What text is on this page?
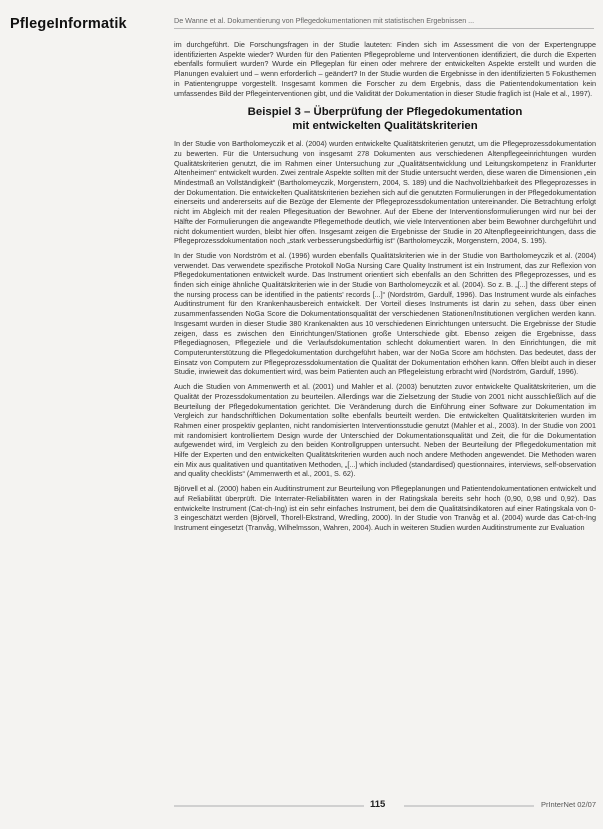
PflegeInformatik	De Wanne et al. Dokumentierung von Pflegedokumentationen mit statistischen Ergebnissen ...

im durchgeführt. Die Forschungsfragen in der Studie lauteten: Finden sich im Assessment die von der Expertengruppe identifizierten Aspekte wieder? Wurden für den Patienten Pflegeprobleme und Interventionen identifiziert, die durch die Experten ebenfalls formuliert wurden? Wurde ein Pflegeplan für einen oder mehrere der entwickelten Aspekte erstellt und wurden die Planungen evaluiert und – wenn erforderlich – geändert? In der Studie wurden die Ergebnisse in den identifizierten 5 Fokusthemen in Patientengruppe vorgestellt. Insgesamt kommen die Forscher zu dem Ergebnis, dass die Patientendokumentation kein umfassendes Bild der Pflegeinterventionen gibt, und die Validität der Dokumentation in dieser Studie fraglich ist (Hale et al., 1997).

Beispiel 3 – Überprüfung der Pflegedokumentation
mit entwickelten Qualitätskriterien

In der Studie von Bartholomeyczik et al. (2004) wurden entwickelte Qualitätskriterien genutzt, um die Pflegeprozessdokumentation zu bewerten. Für die Untersuchung von insgesamt 278 Dokumenten aus verschiedenen Altenpflegeeinrichtungen wurden Qualitätskriterien genutzt, die im Rahmen einer Untersuchung zur „Qualitätsentwicklung und Leitungskompetenz in Frankfurter Altenheimen“ entwickelt wurden. Zwei zentrale Aspekte sollten mit der Studie untersucht werden, diese waren die Dimensionen „ein Mindestmaß an Vollständigkeit“ (Bartholomeyczik, Morgenstern, 2004, S. 189) und die Nachvollziehbarkeit des Pflegeprozesses in der Dokumentation. Die entwickelten Qualitätskriterien beziehen sich auf die genutzten Formulierungen in der Pflegedokumentation einerseits und andererseits auf die Bezüge der Elemente der Pflegeprozessdokumentation untereinander. Die Betrachtung erfolgt nicht im Abgleich mit der realen Pflegesituation der Bewohner. Auf der Ebene der Interventionsformulierungen wird nur bei der Hälfte der Formulierungen die angewandte Pflegemethode deutlich, wie viele Interventionen aber beim Bewohner durchgeführt und nicht dokumentiert wurden, bleibt hier offen. Insgesamt zeigen die Ergebnisse der Studie in 20 Altenpflegeeinrichtungen, dass die Pflegeprozessdokumentation noch „stark verbesserungsbedürftig ist“ (Bartholomeyczik, Morgenstern, 2004, S. 195).

In der Studie von Nordström et al. (1996) wurden ebenfalls Qualitätskriterien wie in der Studie von Bartholomeyczik et al. (2004) verwendet. Das verwendete spezifische Protokoll NoGa Nursing Care Quality Instrument ist ein Instrument, das zur Reflexion von Pflegedokumentationen entwickelt wurde. Das Instrument orientiert sich ebenfalls an den Schritten des Pflegeprozesses, und es finden sich einige ähnliche Qualitätskriterien wie in der Studie von Bartholomeyczik et al. (2004). So z. B. „[...] the different steps of the nursing process can be identified in the patients' records [...]“ (Nordström, Gardulf, 1996). Das Instrument wurde als einfaches Auditinstrument für den Krankenhausbereich entwickelt. Der Vorteil dieses Instruments ist darin zu sehen, dass über einen zusammenfassenden NoGa Score die Dokumentationsqualität der verschiedenen Stationen/Institutionen verglichen werden kann. Insgesamt wurden in dieser Studie 380 Krankenakten aus 10 verschiedenen Einrichtungen untersucht. Die Ergebnisse der Studie zeigen, dass es zwischen den Einrichtungen/Stationen große Unterschiede gibt. Ebenso zeigen die Ergebnisse, dass Pflegediagnosen, Pflegeziele und die Verlaufsdokumentation schlecht dokumentiert waren. In den Einrichtungen, die mit Computerunterstützung die Pflegedokumentation durchgeführt haben, war der NoGa Score am höchsten. Das bedeutet, dass der Einsatz von Computern zur Pflegeprozessdokumentation die Qualität der Dokumentation erhöhen kann. Offen bleibt auch in dieser Studie, inwieweit das dokumentiert wird, was beim Patienten auch an Pflegeleistung erbracht wird (Nordström, Gardulf, 1996).

Auch die Studien von Ammenwerth et al. (2001) und Mahler et al. (2003) benutzten zuvor entwickelte Qualitätskriterien, um die Qualität der Prozessdokumentation zu beurteilen. Allerdings war die Zielsetzung der Studie von 2001 nicht ausschließlich auf die Beurteilung der Pflegedokumentation gerichtet. Die Veränderung durch die Einführung einer Software zur Dokumentation im Vergleich zur handschriftlichen Dokumentation sollte ebenfalls beurteilt werden. Die entwickelten Qualitätskriterien wurden im Rahmen einer prospektiv geplanten, nicht randomisierten Interventionsstudie genutzt (Mahler et al., 2003). In der Studie von 2001 mit randomisiert kontrolliertem Design wurde der Unterschied der Dokumentationsqualität und Zeit, die für die Dokumentation aufgewendet wird, im Vergleich zu den beiden Kontrollgruppen untersucht. Neben der Beurteilung der Pflegedokumentation mit Hilfe der Experten und den entwickelten Qualitätskriterien wurden auch noch andere Methoden angewendet. Die Methoden waren ein Mix aus qualitativen und quantitativen Methoden, „[...] which included (standardised) questionnaires, interviews, self-observation and quality checklists“ (Ammenwerth et al., 2001, S. 62).

Björvell et al. (2000) haben ein Auditinstrument zur Beurteilung von Pflegeplanungen und Patientendokumentationen entwickelt und auf Reliabilität überprüft. Die Interrater-Reliabilitäten waren in der Ratingskala bereits sehr hoch (0,90, 0,98 und 0,92). Das entwickelte Instrument (Cat-ch-Ing) ist ein sehr einfaches Instrument, bei dem die Qualitätsindikatoren auf einer Ratingskala von 0-3 eingeschätzt werden (Björvell, Thorell-Ekstrand, Wredling, 2000). In der Studie von Tranvåg et al. (2004) wurde das Cat-ch-Ing Instrument eingesetzt (Tranvåg, Wilhelmsson, Wahren, 2004). Auch in weiteren Studien wurden Auditinstrumente zur Evaluation

115	PrInterNet 02/07
